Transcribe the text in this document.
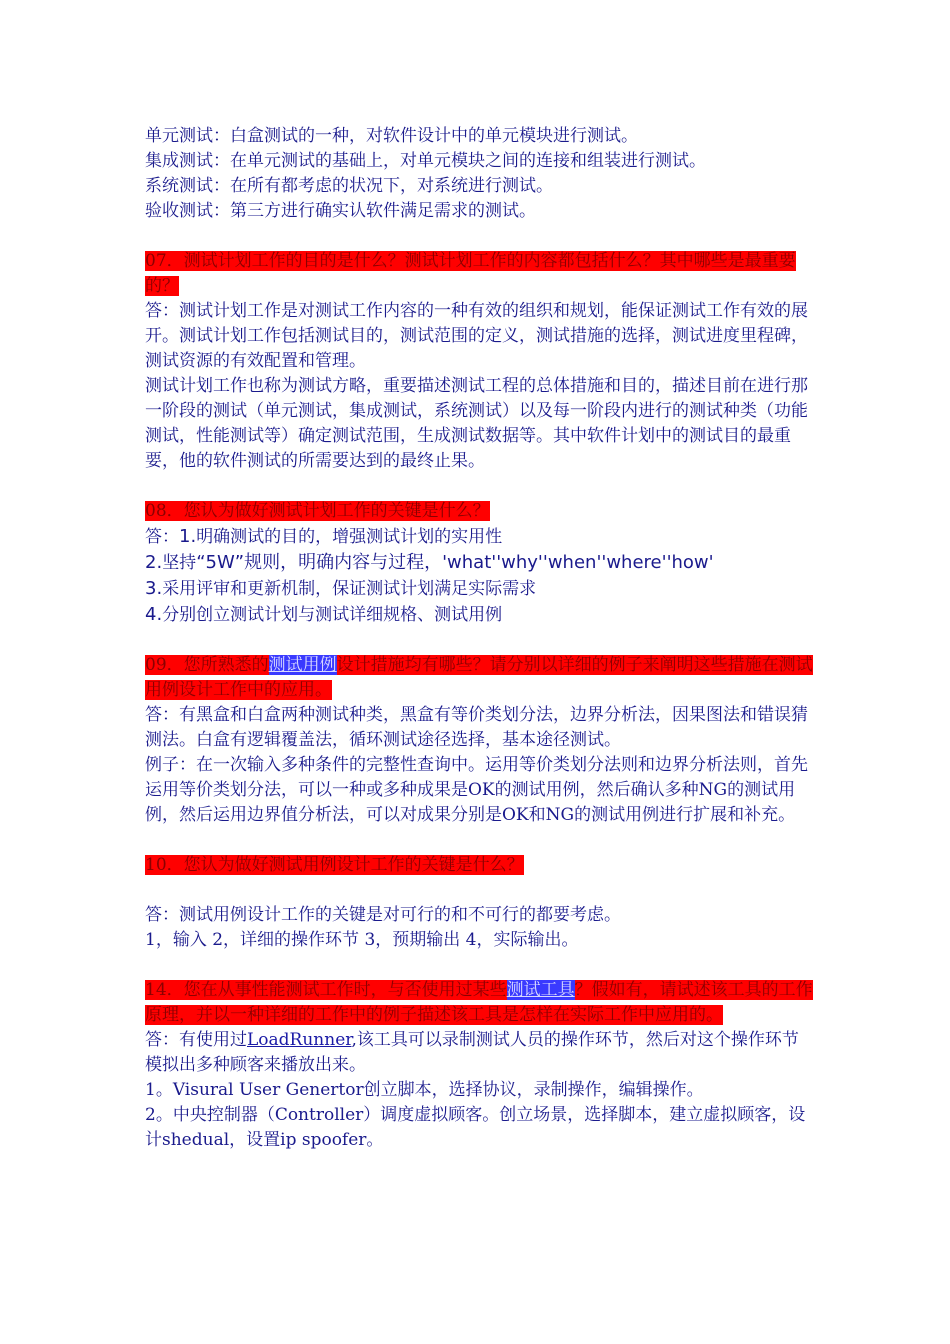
单元测试：白盒测试的一种，对软件设计中的单元模块进行测试。

集成测试：在单元测试的基础上，对单元模块之间的连接和组装进行测试。

系统测试：在所有都考虑的状况下，对系统进行测试。

验收测试：第三方进行确实认软件满足需求的测试。

07．测试计划工作的目的是什么？测试计划工作的内容都包括什么？其中哪些是最重要的？

答：测试计划工作是对测试工作内容的一种有效的组织和规划，能保证测试工作有效的展开。测试计划工作包括测试目的，测试范围的定义，测试措施的选择，测试进度里程碑，测试资源的有效配置和管理。

测试计划工作也称为测试方略，重要描述测试工程的总体措施和目的，描述目前在进行那一阶段的测试（单元测试，集成测试，系统测试）以及每一阶段内进行的测试种类（功能测试，性能测试等）确定测试范围，生成测试数据等。其中软件计划中的测试目的最重要，他的软件测试的所需要达到的最终止果。

08．您认为做好测试计划工作的关键是什么？

答：1.明确测试的目的，增强测试计划的实用性

2.坚持“5W”规则，明确内容与过程，'what''why''when''where''how'

3.采用评审和更新机制，保证测试计划满足实际需求

4.分别创立测试计划与测试详细规格、测试用例

09．您所熟悉的测试用例设计措施均有哪些？请分别以详细的例子来阐明这些措施在测试用例设计工作中的应用。

答：有黑盒和白盒两种测试种类，黑盒有等价类划分法，边界分析法，因果图法和错误猜测法。白盒有逻辑覆盖法，循环测试途径选择，基本途径测试。

例子：在一次输入多种条件的完整性查询中。运用等价类划分法则和边界分析法则，首先运用等价类划分法，可以一种或多种成果是OK的测试用例，然后确认多种NG的测试用例，然后运用边界值分析法，可以对成果分别是OK和NG的测试用例进行扩展和补充。

10．您认为做好测试用例设计工作的关键是什么？

答：测试用例设计工作的关键是对可行的和不可行的都要考虑。

1，输入 2，详细的操作环节 3，预期输出 4，实际输出。

14．您在从事性能测试工作时，与否使用过某些测试工具？假如有，请试述该工具的工作原理，并以一种详细的工作中的例子描述该工具是怎样在实际工作中应用的。

答：有使用过LoadRunner,该工具可以录制测试人员的操作环节，然后对这个操作环节模拟出多种顾客来播放出来。

1。Visural User Genertor创立脚本，选择协议，录制操作，编辑操作。

2。中央控制器（Controller）调度虚拟顾客。创立场景，选择脚本，建立虚拟顾客，设计shedual，设置ip spoofer。
